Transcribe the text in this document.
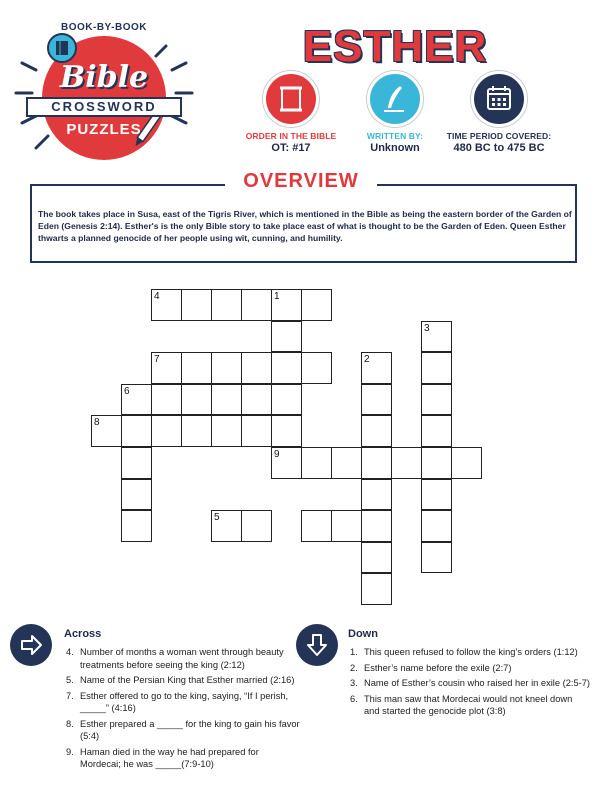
BOOK-BY-BOOK
Bible
CROSSWORD
PUZZLES
ESTHER
ORDER IN THE BIBLE
OT: #17
WRITTEN BY:
Unknown
TIME PERIOD COVERED:
480 BC to 475 BC
OVERVIEW
The book takes place in Susa, east of the Tigris River, which is mentioned in the Bible as being the eastern border of the Garden of Eden (Genesis 2:14). Esther's is the only Bible story to take place east of what is thought to be the Garden of Eden. Queen Esther thwarts a planned genocide of her people using wit, cunning, and humility.
4	1
3
9
7	2
6
8
5
Across
4. Number of months a woman went through beauty treatments before seeing the king (2:12)
5. Name of the Persian King that Esther married (2:16)
7. Esther offered to go to the king, saying, “If I perish, _____” (4:16)
8. Esther prepared a _____ for the king to gain his favor (5:4)
9. Haman died in the way he had prepared for Mordecai; he was _____(7:9-10)
Down
1. This queen refused to follow the king’s orders (1:12)
2. Esther’s name before the exile (2:7)
3. Name of Esther’s cousin who raised her in exile (2:5-7)
6. This man saw that Mordecai would not kneel down and started the genocide plot (3:8)
